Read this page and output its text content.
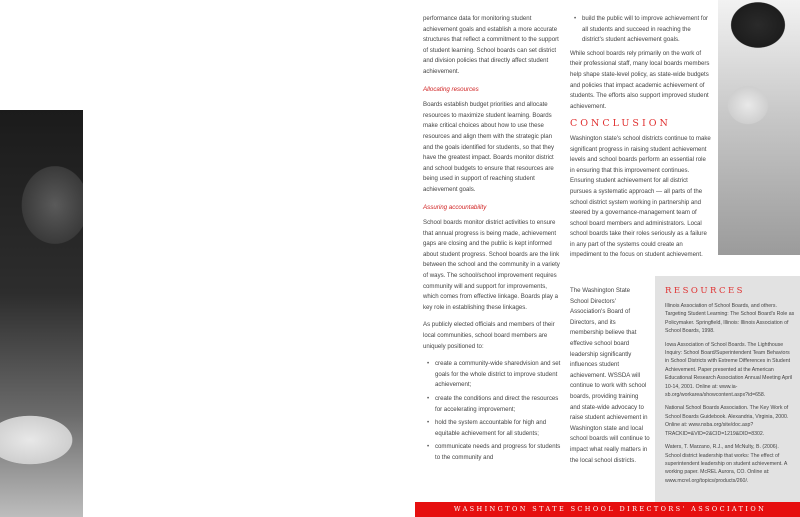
performance data for monitoring student achievement goals and establish a more accurate structures that reflect a commitment to the support of student learning. School boards can set district and division policies that directly affect student achievement.

Allocating resources

Boards establish budget priorities and allocate resources to maximize student learning. Boards make critical choices about how to use these resources and align them with the strategic plan and the goals identified for students, so that they have the greatest impact. Boards monitor district and school budgets to ensure that resources are being used in support of reaching student achievement goals.

Assuring accountability

School boards monitor district activities to ensure that annual progress is being made, achievement gaps are closing and the public is kept informed about student progress. School boards are the link between the school and the community in a variety of ways. The school/school improvement requires community will and support for improvements, which comes from effective linkage. Boards play a key role in establishing these linkages.

As publicly elected officials and members of their local communities, school board members are uniquely positioned to:

• create a community-wide sharedvision and set goals for the whole district to improve student achievement;
• create the conditions and direct the resources for accelerating improvement;
• hold the system accountable for high and equitable achievement for all students;
• communicate needs and progress for students to the community and
• build the public will to improve achievement for all students and succeed in reaching the district's student achievement goals.

While school boards rely primarily on the work of their professional staff, many local boards members help shape state-level policy, as state-wide budgets and policies that impact academic achievement of students. The efforts also support improved student achievement.

CONCLUSION

Washington state's school districts continue to make significant progress in raising student achievement levels and school boards perform an essential role in ensuring that this improvement continues. Ensuring student achievement for all district pursues a systematic approach — all parts of the school district system working in partnership and steered by a governance-management team of school board members and administrators. Local school boards take their roles seriously as a failure in any part of the systems could create an impediment to the focus on student achievement.

The Washington State School Directors' Association's Board of Directors, and its membership believe that effective school board leadership significantly influences student achievement. WSSDA will continue to work with school boards, providing training and state-wide advocacy to raise student achievement in Washington state and local school boards will continue to impact what really matters in the local school districts.
RESOURCES

Illinois Association of School Boards, and others. Targeting Student Learning: The School Board's Role as Policymaker. Springfield, Illinois: Illinois Association of School Boards, 1998.

Iowa Association of School Boards. The Lighthouse Inquiry: School Board/Superintendent Team Behaviors in School Districts with Extreme Differences in Student Achievement. Paper presented at the American Educational Research Association Annual Meeting April 10-14, 2001. Online at: www.ia-sb.org/workarea/showcontent.aspx?id=658.

National School Boards Association. The Key Work of School Boards Guidebook. Alexandria, Virginia, 2000. Online at: www.nsba.org/site/doc.asp?TRACKID=&VID=2&CID=1219&DID=8302.

Waters, T. Marzano, R.J., and McNulty, B. (2006). School district leadership that works: The effect of superintendent leadership on student achievement. A working paper. McREL Aurora, CO. Online at: www.mcrel.org/topics/products/260/.

WASHINGTON STATE SCHOOL DIRECTORS' ASSOCIATION
